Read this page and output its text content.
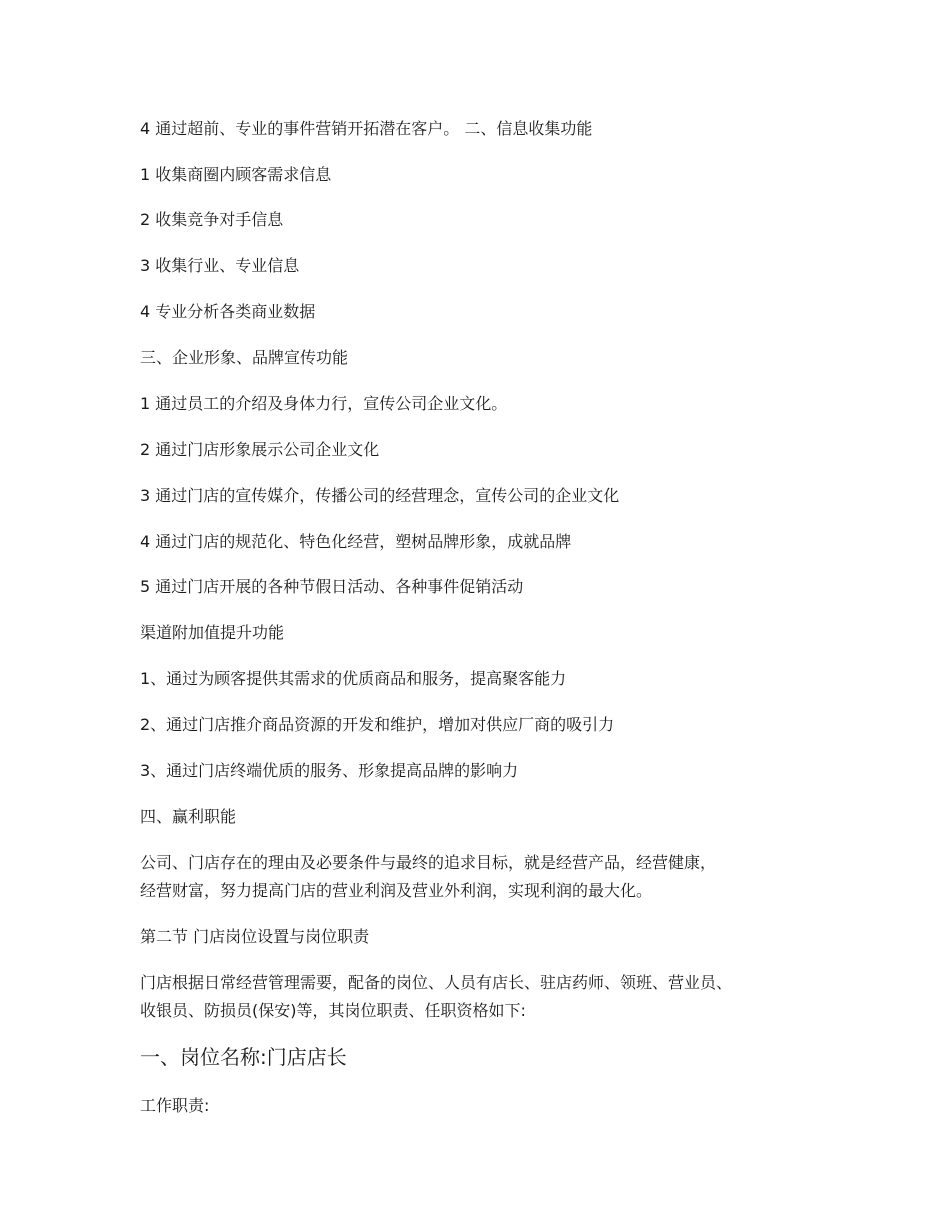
4 通过超前、专业的事件营销开拓潜在客户。 二、信息收集功能
1 收集商圈内顾客需求信息
2 收集竞争对手信息
3 收集行业、专业信息
4 专业分析各类商业数据
三、企业形象、品牌宣传功能
1 通过员工的介绍及身体力行，宣传公司企业文化。
2 通过门店形象展示公司企业文化
3 通过门店的宣传媒介，传播公司的经营理念，宣传公司的企业文化
4 通过门店的规范化、特色化经营，塑树品牌形象，成就品牌
5 通过门店开展的各种节假日活动、各种事件促销活动
渠道附加值提升功能
1、通过为顾客提供其需求的优质商品和服务，提高聚客能力
2、通过门店推介商品资源的开发和维护，增加对供应厂商的吸引力
3、通过门店终端优质的服务、形象提高品牌的影响力
四、赢利职能
公司、门店存在的理由及必要条件与最终的追求目标，就是经营产品，经营健康，
经营财富，努力提高门店的营业利润及营业外利润，实现利润的最大化。
第二节 门店岗位设置与岗位职责
门店根据日常经营管理需要，配备的岗位、人员有店长、驻店药师、领班、营业员、
收银员、防损员(保安)等，其岗位职责、任职资格如下:
一、岗位名称:门店店长
工作职责:
